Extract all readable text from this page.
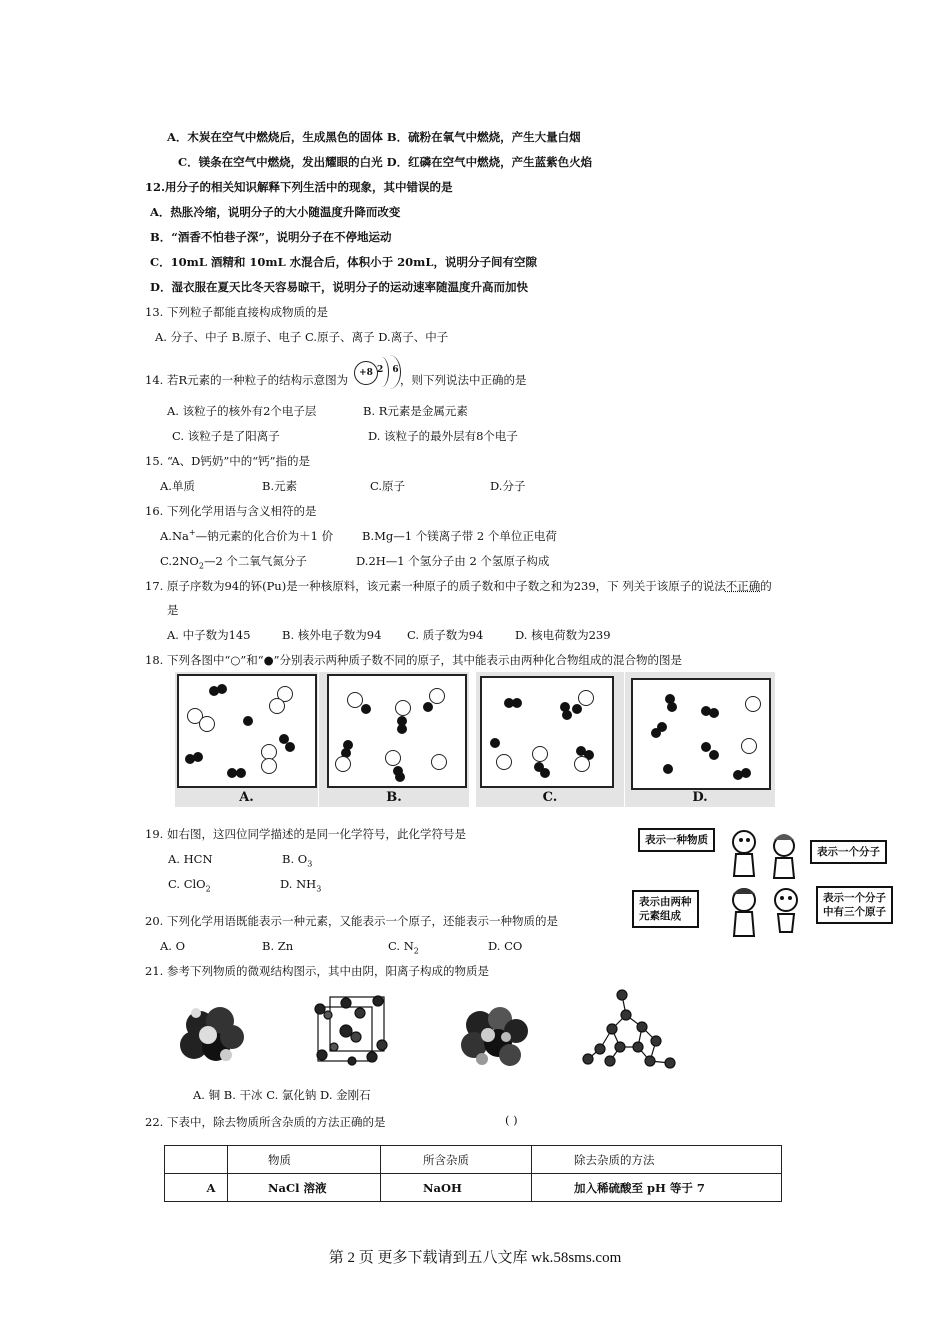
A．木炭在空气中燃烧后，生成黑色的固体 B．硫粉在氧气中燃烧，产生大量白烟
C．镁条在空气中燃烧，发出耀眼的白光 D．红磷在空气中燃烧，产生蓝紫色火焰
12.用分子的相关知识解释下列生活中的现象，其中错误的是
A．热胀冷缩，说明分子的大小随温度升降而改变
B．“酒香不怕巷子深”，说明分子在不停地运动
C．10mL 酒精和 10mL 水混合后，体积小于 20mL，说明分子间有空隙
D．湿衣服在夏天比冬天容易晾干，说明分子的运动速率随温度升高而加快
13. 下列粒子都能直接构成物质的是
A. 分子、中子 B.原子、电子 C.原子、离子 D.离子、中子
14. 若R元素的一种粒子的结构示意图为	+8 2 6
，则下列说法中正确的是
A. 该粒子的核外有2个电子层	B. R元素是金属元素
C. 该粒子是了阳离子	D. 该粒子的最外层有8个电子
15. “A、D钙奶”中的“钙”指的是
A.单质	B.元素	C.原子	D.分子
16. 下列化学用语与含义相符的是
A.Na+—钠元素的化合价为＋1 价	B.Mg—1 个镁离子带 2 个单位正电荷
$C.2NO_2—2$ 个二氧气氮分子	D.2H—1 个氢分子由 2 个氢原子构成
17. 原子序数为94的钚(Pu)是一种核原料，该元素一种原子的质子数和中子数之和为239，下 列关于该原子的说法不正确的
是
A. 中子数为145	B. 核外电子数为94 C. 质子数为94	D. 核电荷数为239
18. 下列各图中“○”和“●”分别表示两种质子数不同的原子，其中能表示由两种化合物组成的混合物的图是
A.	B.	C.	D.
19. 如右图，这四位同学描述的是同一化学符号，此化学符号是
A. HCN	B. $O_3$
C. ClO$_2$	D. $NH_3$
表示一种物质
表示一个分子
表示由两种
元素组成
表示一个分子
中有三个原子
20. 下列化学用语既能表示一种元素，又能表示一个原子，还能表示一种物质的是
A. O	B. Zn	C. $N_2$	D. CO
21. 参考下列物质的微观结构图示，其中由阴，阳离子构成的物质是
A. 铜 B. 干冰 C. 氯化钠 D. 金刚石
22. 下表中，除去物质所含杂质的方法正确的是	( )
	物质	所含杂质	除去杂质的方法
A	NaCl 溶液	NaOH	加入稀硫酸至 pH 等于 7
第 2 页 更多下载请到五八文库 wk.58sms.com
